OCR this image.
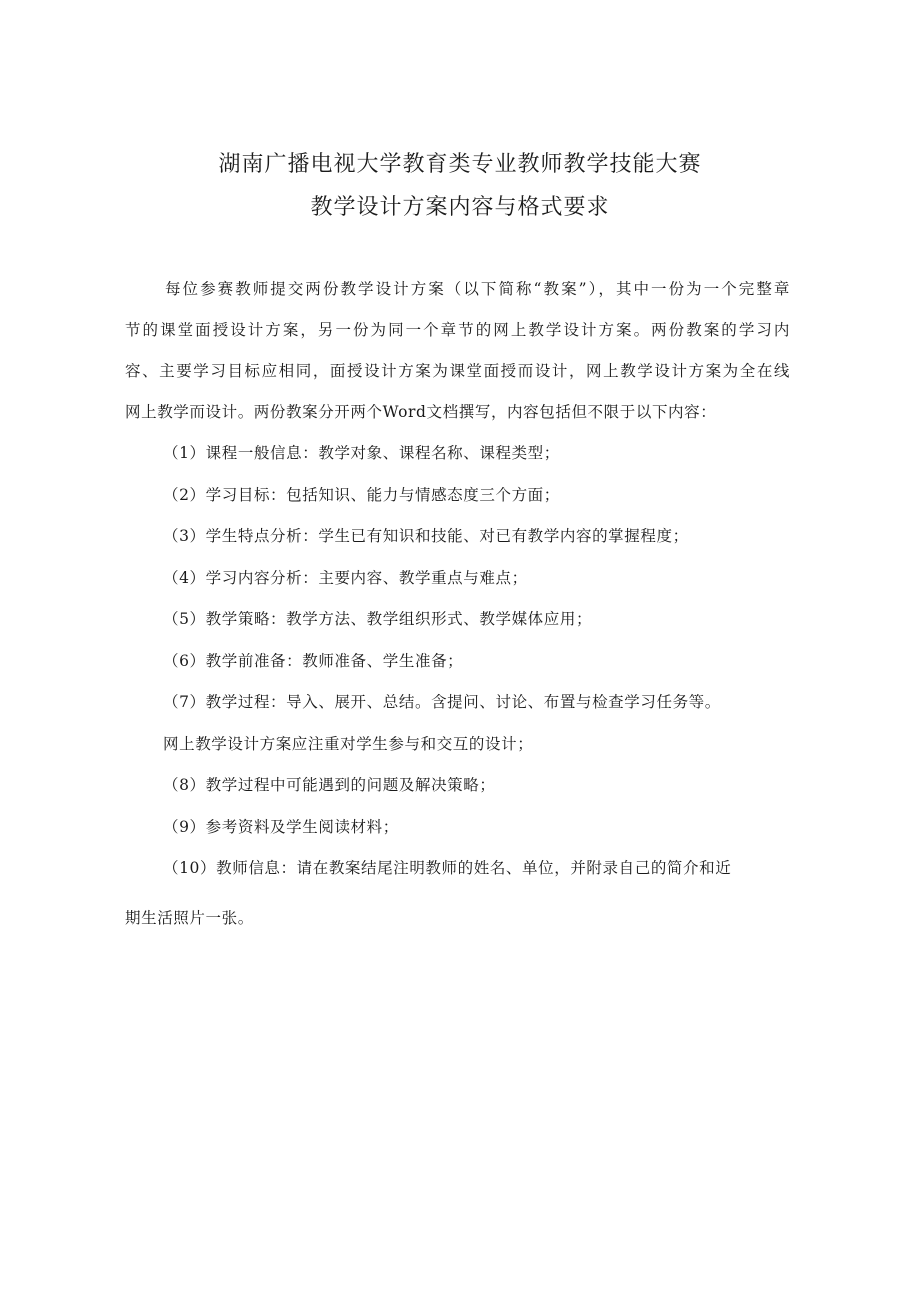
湖南广播电视大学教育类专业教师教学技能大赛
教学设计方案内容与格式要求
每位参赛教师提交两份教学设计方案（以下简称“教案”），其中一份为一个完整章
节的课堂面授设计方案，另一份为同一个章节的网上教学设计方案。两份教案的学习内
容、主要学习目标应相同，面授设计方案为课堂面授而设计，网上教学设计方案为全在线
网上教学而设计。两份教案分开两个Word文档撰写，内容包括但不限于以下内容：
（1）课程一般信息：教学对象、课程名称、课程类型；
（2）学习目标：包括知识、能力与情感态度三个方面；
（3）学生特点分析：学生已有知识和技能、对已有教学内容的掌握程度；
（4）学习内容分析：主要内容、教学重点与难点；
（5）教学策略：教学方法、教学组织形式、教学媒体应用；
（6）教学前准备：教师准备、学生准备；
（7）教学过程：导入、展开、总结。含提问、讨论、布置与检查学习任务等。
网上教学设计方案应注重对学生参与和交互的设计；
（8）教学过程中可能遇到的问题及解决策略；
（9）参考资料及学生阅读材料；
（10）教师信息：请在教案结尾注明教师的姓名、单位，并附录自己的简介和近
期生活照片一张。
